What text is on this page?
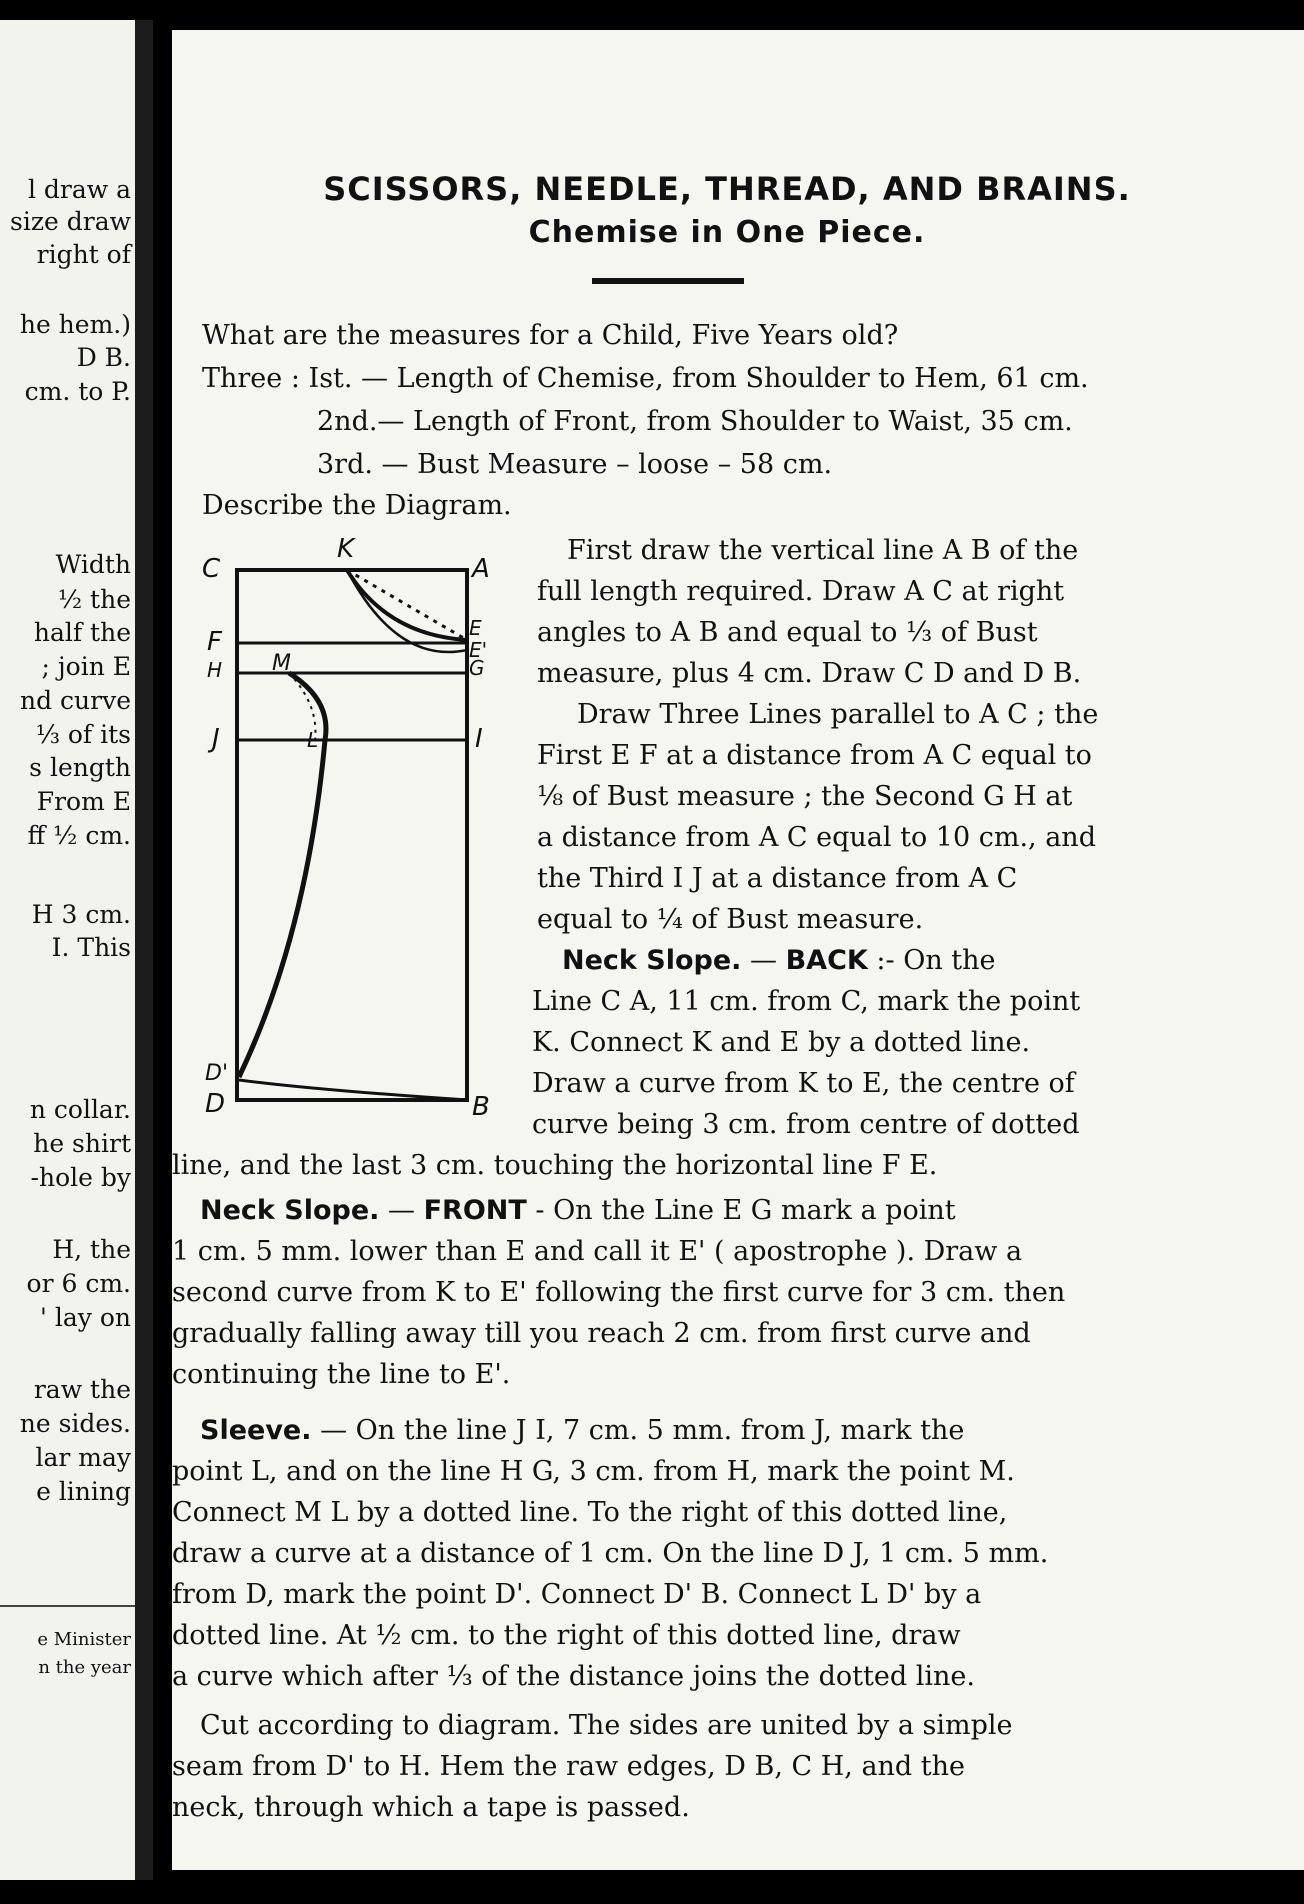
l draw a
size draw
right of
he hem.)
D B.
cm. to P.
Width
½ the
half the
; join E
nd curve
⅓ of its
s length
From E
ff ½ cm.
H 3 cm.
I. This
n collar.
he shirt
-hole by
H, the
or 6 cm.
' lay on
raw the
ne sides.
lar may
e lining
e Minister
n the year
SCISSORS, NEEDLE, THREAD, AND BRAINS.
Chemise in One Piece.
What are the measures for a Child, Five Years old?
Three : Ist. — Length of Chemise, from Shoulder to Hem, 61 cm.
2nd.— Length of Front, from Shoulder to Waist, 35 cm.
3rd. — Bust Measure – loose – 58 cm.
Describe the Diagram.
C
K
A
F	E
E'
G
H M
J	L	I
D'
D	B
First draw the vertical line A B of the
full length required. Draw A C at right
angles to A B and equal to ⅓ of Bust
measure, plus 4 cm. Draw C D and D B.
Draw Three Lines parallel to A C ; the
First E F at a distance from A C equal to
⅛ of Bust measure ; the Second G H at
a distance from A C equal to 10 cm., and
the Third I J at a distance from A C
equal to ¼ of Bust measure.
Neck Slope. — BACK :- On the
Line C A, 11 cm. from C, mark the point
K. Connect K and E by a dotted line.
Draw a curve from K to E, the centre of
curve being 3 cm. from centre of dotted
line, and the last 3 cm. touching the horizontal line F E.
Neck Slope. — FRONT - On the Line E G mark a point
1 cm. 5 mm. lower than E and call it E' ( apostrophe ). Draw a
second curve from K to E' following the first curve for 3 cm. then
gradually falling away till you reach 2 cm. from first curve and
continuing the line to E'.
Sleeve. — On the line J I, 7 cm. 5 mm. from J, mark the
point L, and on the line H G, 3 cm. from H, mark the point M.
Connect M L by a dotted line. To the right of this dotted line,
draw a curve at a distance of 1 cm. On the line D J, 1 cm. 5 mm.
from D, mark the point D'. Connect D' B. Connect L D' by a
dotted line. At ½ cm. to the right of this dotted line, draw
a curve which after ⅓ of the distance joins the dotted line.
Cut according to diagram. The sides are united by a simple
seam from D' to H. Hem the raw edges, D B, C H, and the
neck, through which a tape is passed.
